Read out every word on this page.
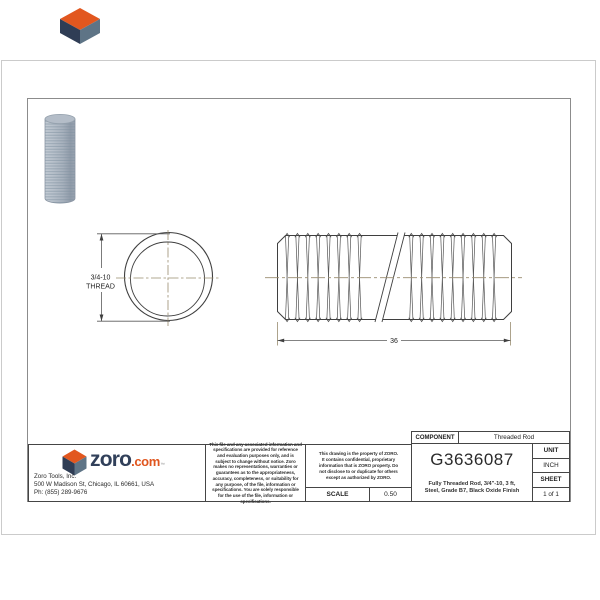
3/4-10
THREAD
36
zoro .com ™
Zoro Tools, Inc.
500 W Madison St, Chicago, IL 60661, USA
Ph: (855) 289-9676
This file and any associated information and specifications are provided for reference and evaluation purposes only, and is subject to change without notice. Zoro makes no representations, warranties or guarantees as to the appropriateness, accuracy, completeness, or suitability for any purpose, of the file, information or specifications. You are solely responsible for the use of the file, information or specifications.
This drawing is the property of ZORO. It contains confidential, proprietary information that is ZORO property. Do not disclose to or duplicate for others except as authorized by ZORO.
SCALE	0.50
COMPONENT	Threaded Rod
G3636087
Fully Threaded Rod, 3/4"-10, 3 ft,
Steel, Grade B7, Black Oxide Finish
UNIT
INCH
SHEET
1 of 1
